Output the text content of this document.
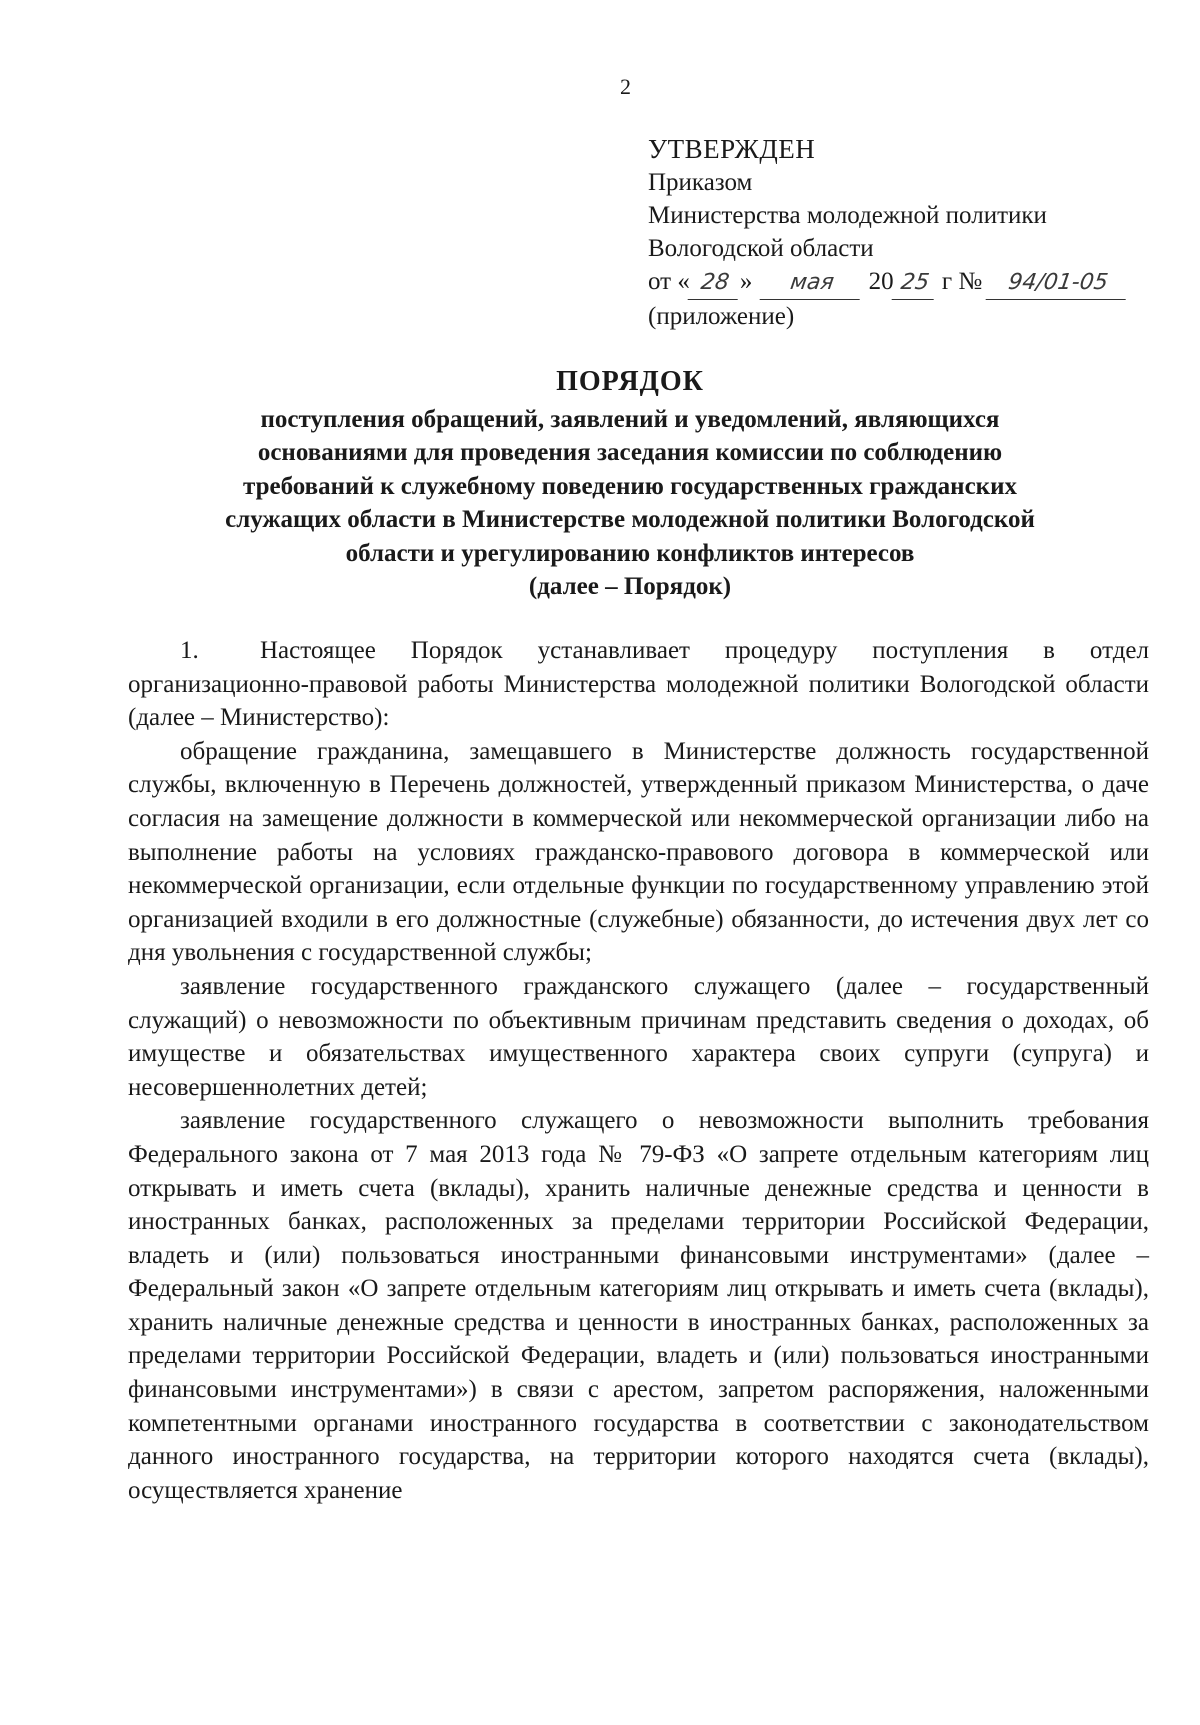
2
УТВЕРЖДЕН
Приказом
Министерства молодежной политики
Вологодской области
от « 28 » мая 20 25 г № 94/01-05
(приложение)
ПОРЯДОК
поступления обращений, заявлений и уведомлений, являющихся
основаниями для проведения заседания комиссии по соблюдению
требований к служебному поведению государственных гражданских
служащих области в Министерстве молодежной политики Вологодской
области и урегулированию конфликтов интересов
(далее – Порядок)

1. Настоящее Порядок устанавливает процедуру поступления в отдел организационно-правовой работы Министерства молодежной политики Вологодской области (далее – Министерство):

обращение гражданина, замещавшего в Министерстве должность государственной службы, включенную в Перечень должностей, утвержденный приказом Министерства, о даче согласия на замещение должности в коммерческой или некоммерческой организации либо на выполнение работы на условиях гражданско-правового договора в коммерческой или некоммерческой организации, если отдельные функции по государственному управлению этой организацией входили в его должностные (служебные) обязанности, до истечения двух лет со дня увольнения с государственной службы;

заявление государственного гражданского служащего (далее – государственный служащий) о невозможности по объективным причинам представить сведения о доходах, об имуществе и обязательствах имущественного характера своих супруги (супруга) и несовершеннолетних детей;

заявление государственного служащего о невозможности выполнить требования Федерального закона от 7 мая 2013 года № 79-ФЗ «О запрете отдельным категориям лиц открывать и иметь счета (вклады), хранить наличные денежные средства и ценности в иностранных банках, расположенных за пределами территории Российской Федерации, владеть и (или) пользоваться иностранными финансовыми инструментами» (далее – Федеральный закон «О запрете отдельным категориям лиц открывать и иметь счета (вклады), хранить наличные денежные средства и ценности в иностранных банках, расположенных за пределами территории Российской Федерации, владеть и (или) пользоваться иностранными финансовыми инструментами») в связи с арестом, запретом распоряжения, наложенными компетентными органами иностранного государства в соответствии с законодательством данного иностранного государства, на территории которого находятся счета (вклады), осуществляется хранение
